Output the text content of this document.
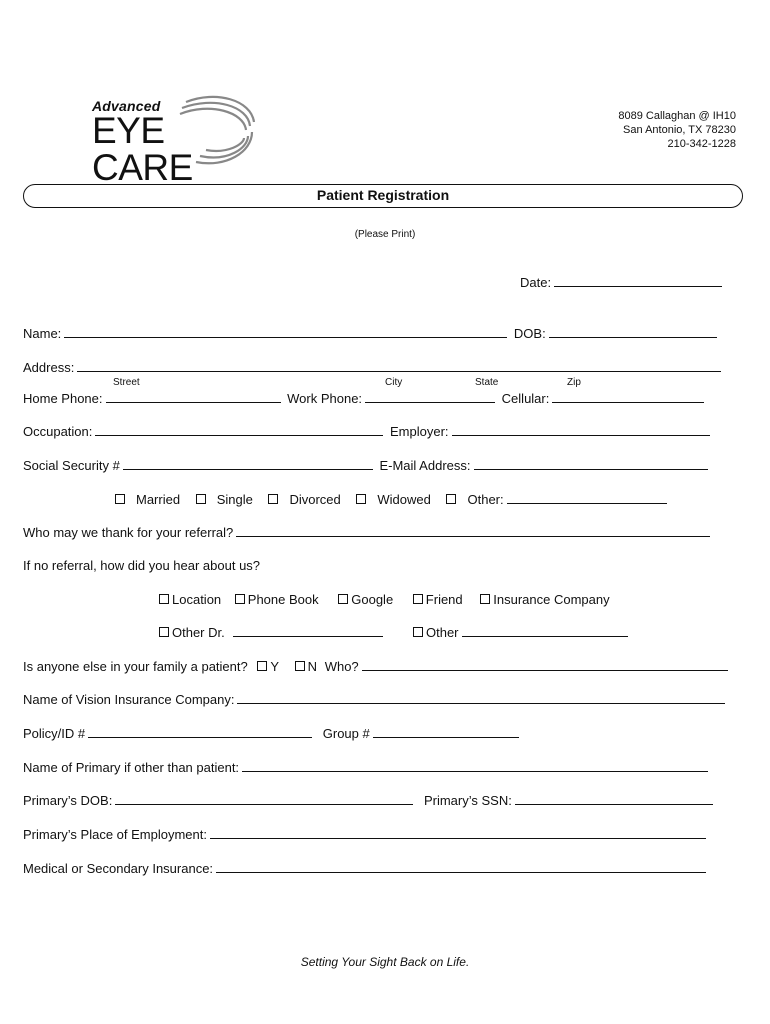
Advanced
EYE CARE
8089 Callaghan @ IH10
San Antonio, TX 78230
210-342-1228
Patient Registration
(Please Print)
Date:
Name:	DOB:
Address:
Street	City	State	Zip
Home Phone:	Work Phone:	Cellular:
Occupation:	Employer:
Social Security #	E-Mail Address:
Married	Single	Divorced	Widowed	Other:
Who may we thank for your referral?
If no referral, how did you hear about us?
Location Phone Book	Google	Friend Insurance Company
Other Dr.	Other
Is anyone else in your family a patient? Y N Who?
Name of Vision Insurance Company:
Policy/ID #	Group #
Name of Primary if other than patient:
Primary’s DOB:	Primary’s SSN:
Primary’s Place of Employment:
Medical or Secondary Insurance:
Setting Your Sight Back on Life.
